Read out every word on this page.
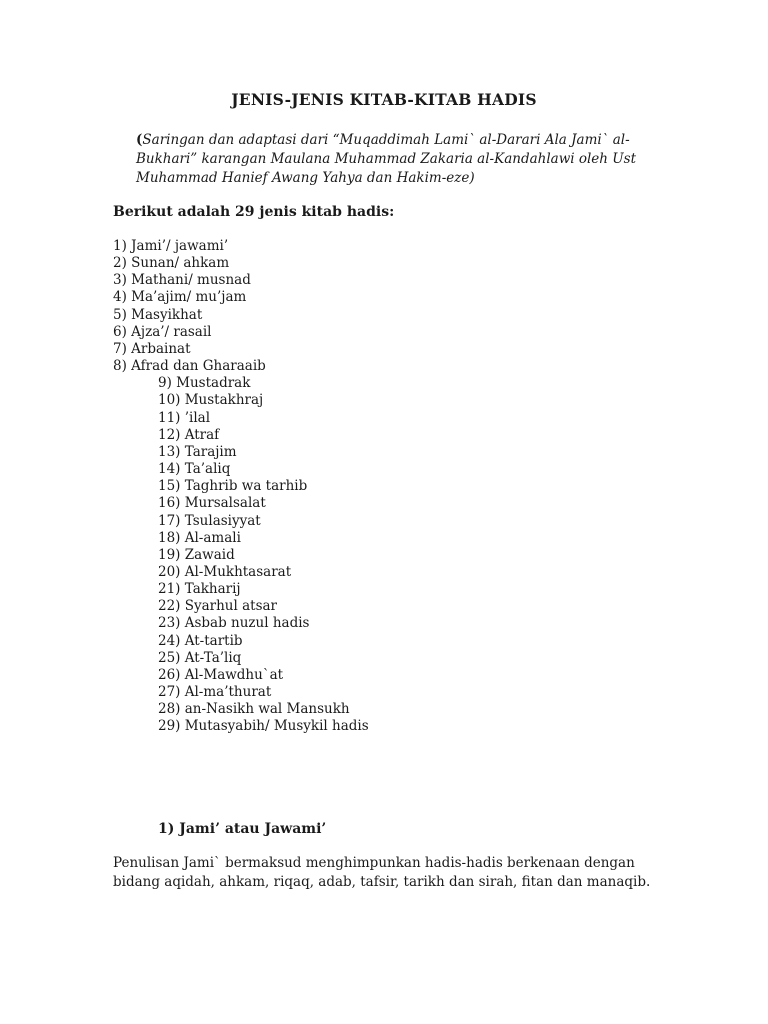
JENIS-JENIS KITAB-KITAB HADIS
(Saringan dan adaptasi dari “Muqaddimah Lami` al-Darari Ala Jami` al-Bukhari” karangan Maulana Muhammad Zakaria al-Kandahlawi oleh Ust Muhammad Hanief Awang Yahya dan Hakim-eze)
Berikut adalah 29 jenis kitab hadis:
1) Jami’/ jawami’
2) Sunan/ ahkam
3) Mathani/ musnad
4) Ma’ajim/ mu’jam
5) Masyikhat
6) Ajza’/ rasail
7) Arbainat
8) Afrad dan Gharaaib
9) Mustadrak
10) Mustakhraj
11) ’ilal
12) Atraf
13) Tarajim
14) Ta’aliq
15) Taghrib wa tarhib
16) Mursalsalat
17) Tsulasiyyat
18) Al-amali
19) Zawaid
20) Al-Mukhtasarat
21) Takharij
22) Syarhul atsar
23) Asbab nuzul hadis
24) At-tartib
25) At-Ta’liq
26) Al-Mawdhu`at
27) Al-ma’thurat
28) an-Nasikh wal Mansukh
29) Mutasyabih/ Musykil hadis
1) Jami’ atau Jawami’
Penulisan Jami` bermaksud menghimpunkan hadis-hadis berkenaan dengan bidang aqidah, ahkam, riqaq, adab, tafsir, tarikh dan sirah, fitan dan manaqib.
